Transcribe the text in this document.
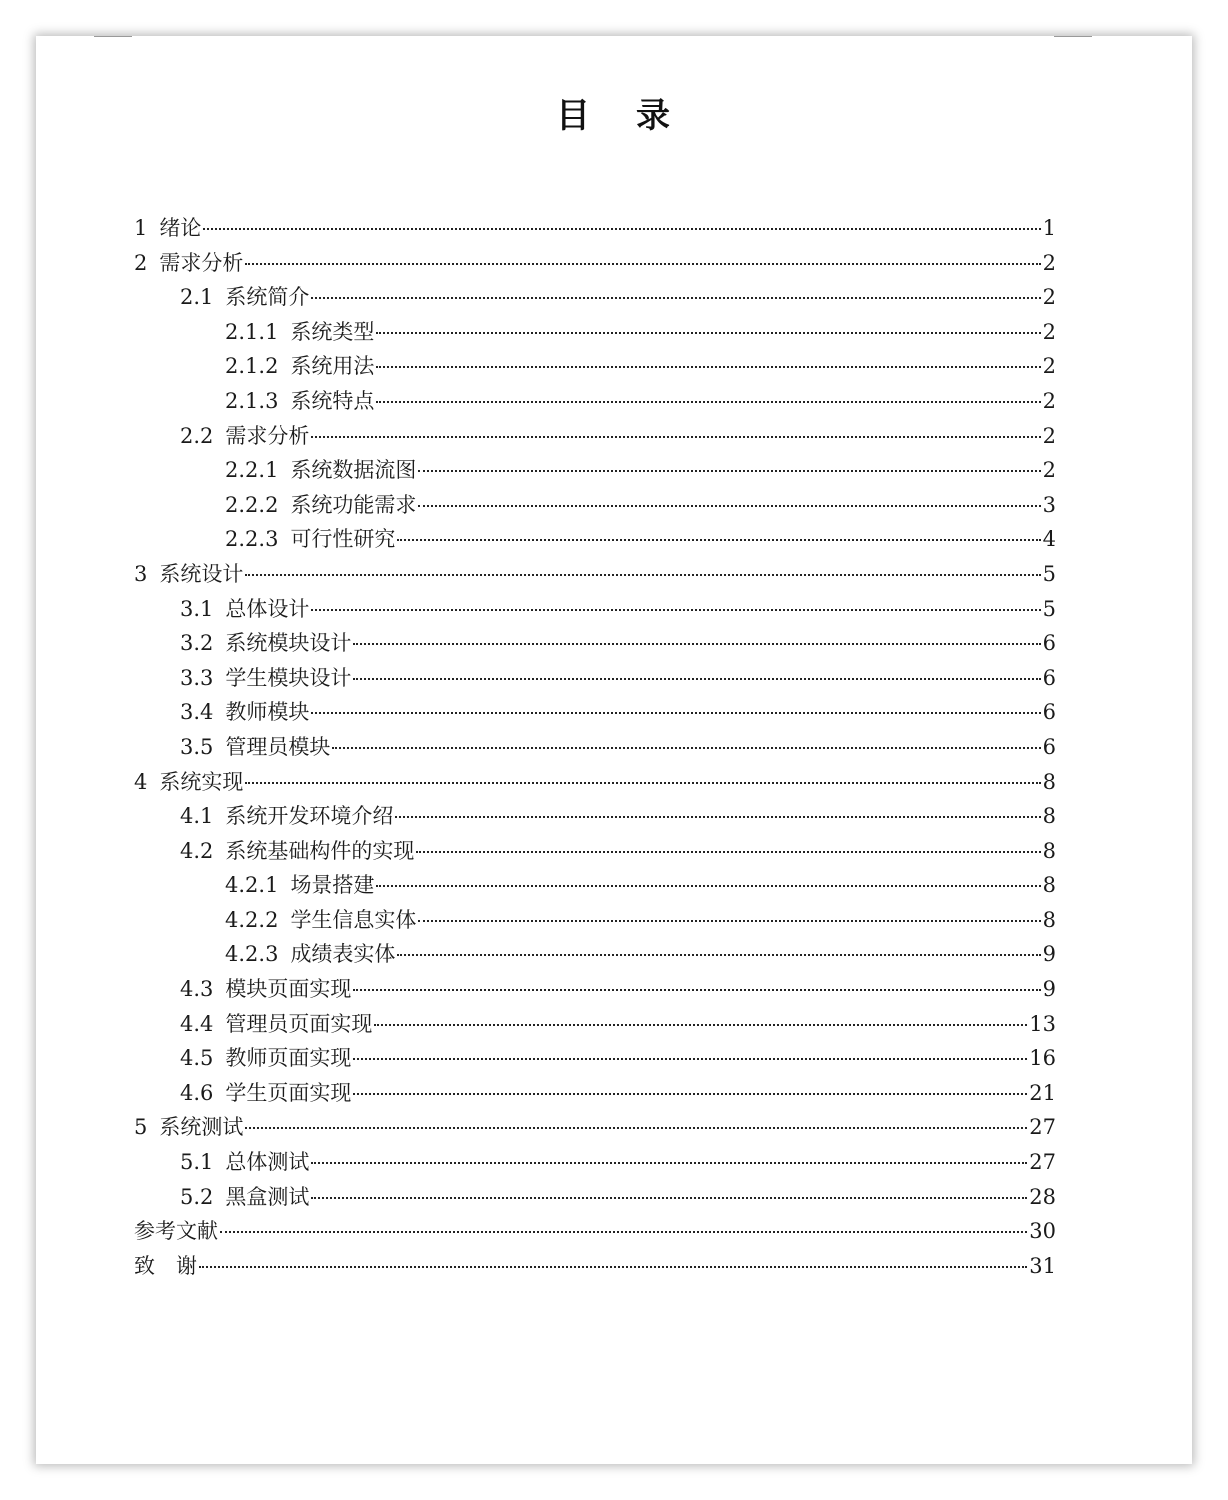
目 录
1 绪论	1
2 需求分析	2
2.1 系统简介	2
2.1.1 系统类型	2
2.1.2 系统用法	2
2.1.3 系统特点	2
2.2 需求分析	2
2.2.1 系统数据流图	2
2.2.2 系统功能需求	3
2.2.3 可行性研究	4
3 系统设计	5
3.1 总体设计	5
3.2 系统模块设计	6
3.3 学生模块设计	6
3.4 教师模块	6
3.5 管理员模块	6
4 系统实现	8
4.1 系统开发环境介绍	8
4.2 系统基础构件的实现	8
4.2.1 场景搭建	8
4.2.2 学生信息实体	8
4.2.3 成绩表实体	9
4.3 模块页面实现	9
4.4 管理员页面实现	13
4.5 教师页面实现	16
4.6 学生页面实现	21
5 系统测试	27
5.1 总体测试	27
5.2 黑盒测试	28
参考文献	30
致　谢	31
